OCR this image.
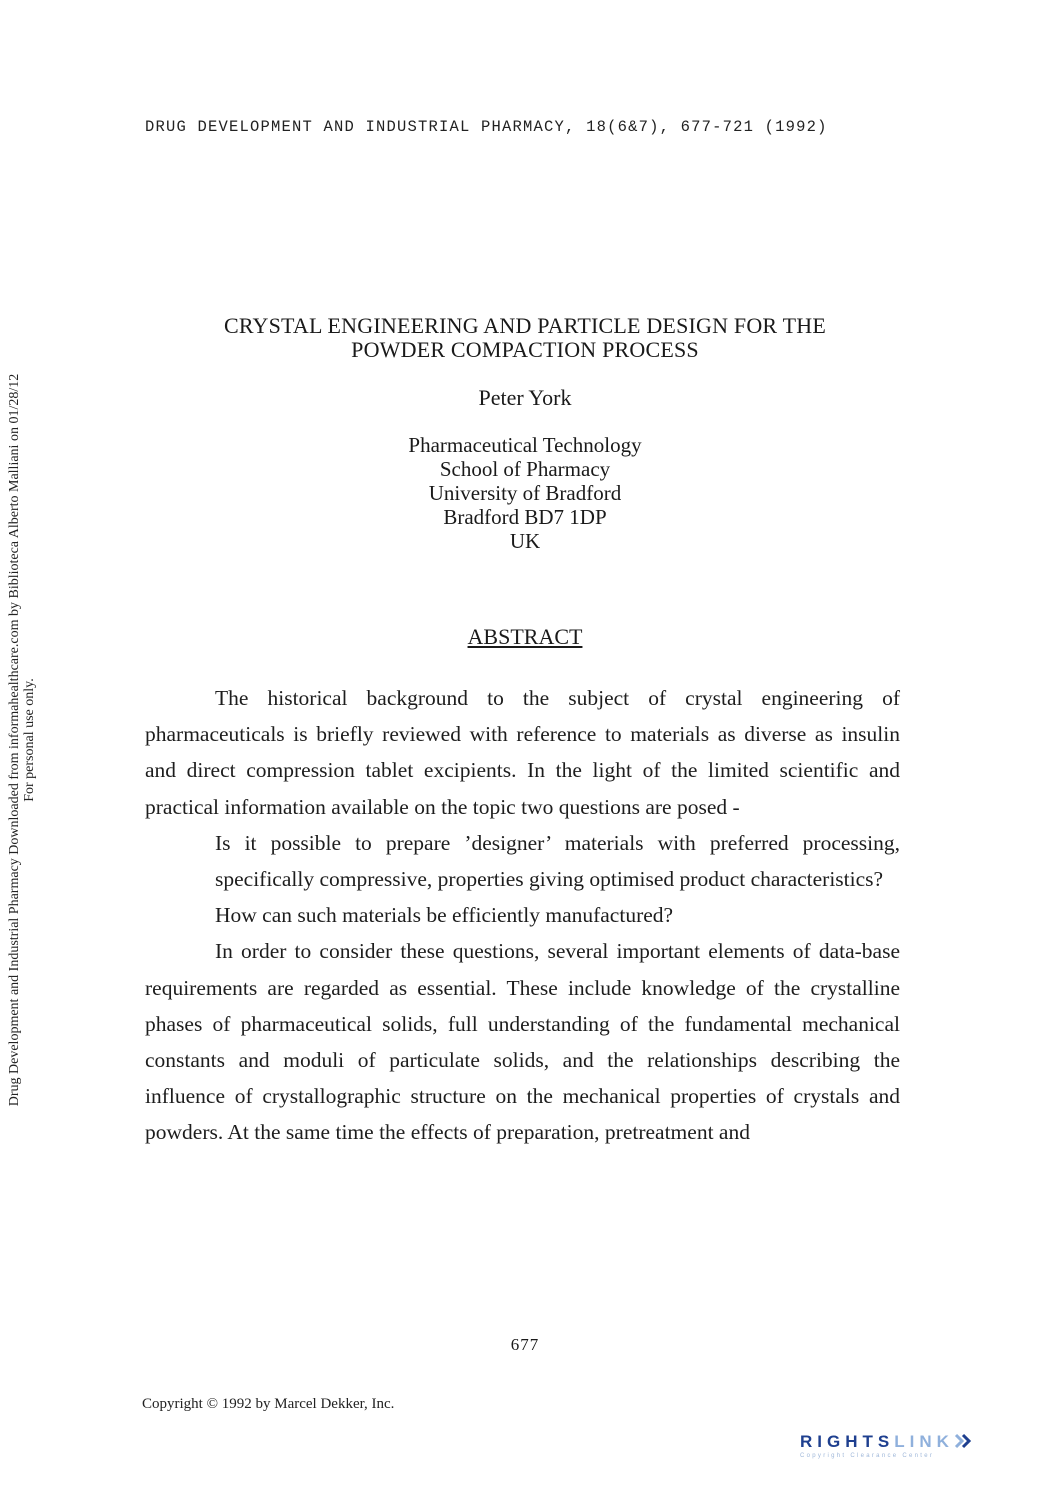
DRUG DEVELOPMENT AND INDUSTRIAL PHARMACY, 18(6&7), 677-721 (1992)
Drug Development and Industrial Pharmacy Downloaded from informahealthcare.com by Biblioteca Alberto Malliani on 01/28/12 For personal use only.
CRYSTAL ENGINEERING AND PARTICLE DESIGN FOR THE
POWDER COMPACTION PROCESS
Peter York
Pharmaceutical Technology
School of Pharmacy
University of Bradford
Bradford BD7 1DP
UK
ABSTRACT

The historical background to the subject of crystal engineering of pharmaceuticals is briefly reviewed with reference to materials as diverse as insulin and direct compression tablet excipients. In the light of the limited scientific and practical information available on the topic two questions are posed -

Is it possible to prepare ’designer’ materials with preferred processing, specifically compressive, properties giving optimised product characteristics?

How can such materials be efficiently manufactured?

In order to consider these questions, several important elements of data-base requirements are regarded as essential. These include knowledge of the crystalline phases of pharmaceutical solids, full understanding of the fundamental mechanical constants and moduli of particulate solids, and the relationships describing the influence of crystallographic structure on the mechanical properties of crystals and powders. At the same time the effects of preparation, pretreatment and

677
Copyright © 1992 by Marcel Dekker, Inc.
RIGHTSLINK
Copyright Clearance Center
